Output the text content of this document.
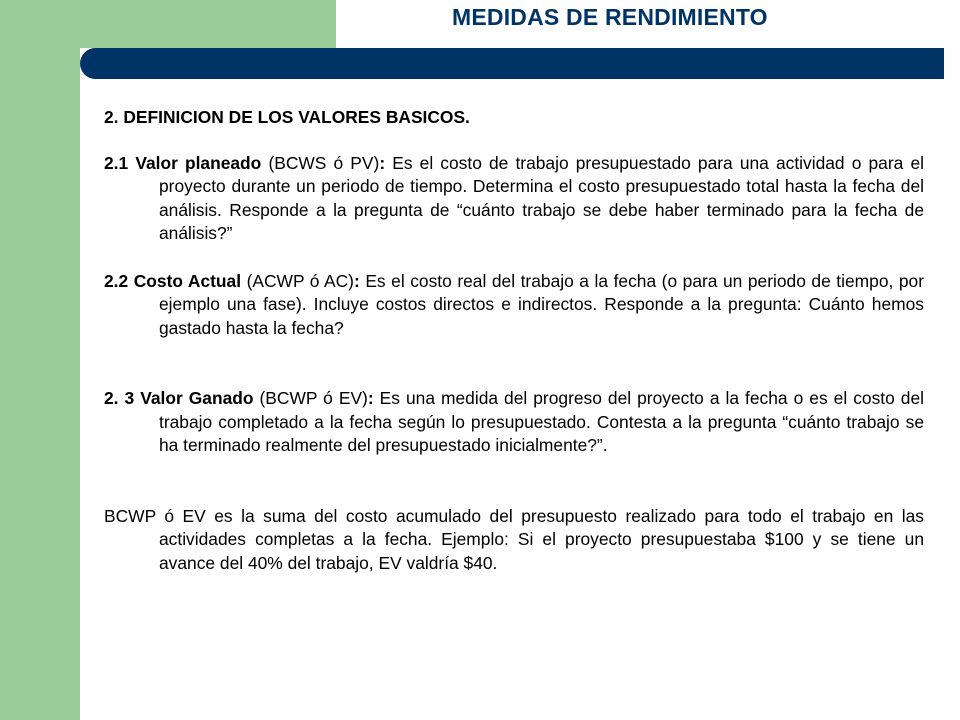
MEDIDAS DE RENDIMIENTO

2. DEFINICION DE LOS VALORES BASICOS.

2.1 Valor planeado (BCWS ó PV): Es el costo de trabajo presupuestado para una actividad o para el proyecto durante un periodo de tiempo. Determina el costo presupuestado total hasta la fecha del análisis. Responde a la pregunta de “cuánto trabajo se debe haber terminado para la fecha de análisis?”

2.2 Costo Actual (ACWP ó AC): Es el costo real del trabajo a la fecha (o para un periodo de tiempo, por ejemplo una fase). Incluye costos directos e indirectos. Responde a la pregunta: Cuánto hemos gastado hasta la fecha?

2. 3 Valor Ganado (BCWP ó EV): Es una medida del progreso del proyecto a la fecha o es el costo del trabajo completado a la fecha según lo presupuestado. Contesta a la pregunta “cuánto trabajo se ha terminado realmente del presupuestado inicialmente?”.

BCWP ó EV es la suma del costo acumulado del presupuesto realizado para todo el trabajo en las actividades completas a la fecha. Ejemplo: Si el proyecto presupuestaba $100 y se tiene un avance del 40% del trabajo, EV valdría $40.
